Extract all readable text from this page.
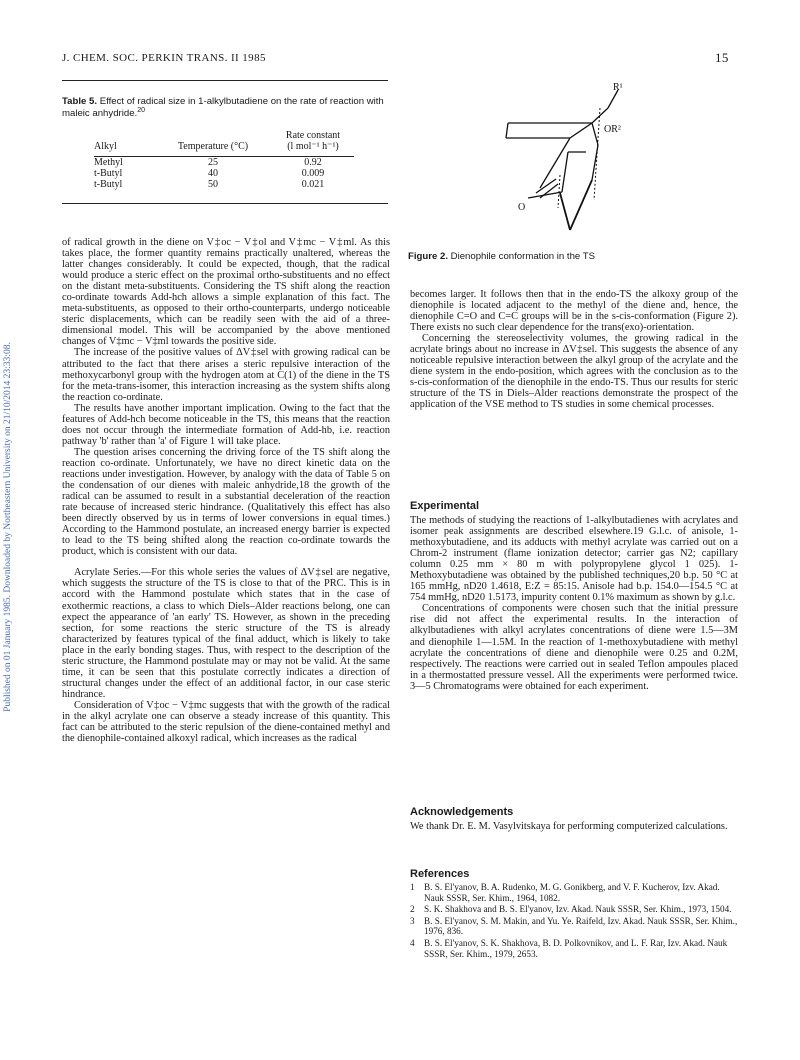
Published on 01 January 1985. Downloaded by Northeastern University on 21/10/2014 23:33:08.
J. CHEM. SOC. PERKIN TRANS. II 1985	15
Table 5. Effect of radical size in 1-alkylbutadiene on the rate of reaction with maleic anhydride.$^{20}$
		Rate constant
Alkyl	Temperature (°C)	(l mol⁻¹ h⁻¹)

Methyl	25	0.92
t-Butyl	40	0.009
t-Butyl	50	0.021
R¹
OR²
O
Figure 2. Dienophile conformation in the TS

of radical growth in the diene on V‡oc − V‡ol and V‡mc − V‡ml. As this takes place, the former quantity remains practically unaltered, whereas the latter changes considerably. It could be expected, though, that the radical would produce a steric effect on the proximal ortho-substituents and no effect on the distant meta-substituents. Considering the TS shift along the reaction co-ordinate towards Add-hch allows a simple explanation of this fact. The meta-substituents, as opposed to their ortho-counterparts, undergo noticeable steric displacements, which can be readily seen with the aid of a three-dimensional model. This will be accompanied by the above mentioned changes of V‡mc − V‡ml towards the positive side.

The increase of the positive values of ΔV‡sel with growing radical can be attributed to the fact that there arises a steric repulsive interaction of the methoxycarbonyl group with the hydrogen atom at C(1) of the diene in the TS for the meta-trans-isomer, this interaction increasing as the system shifts along the reaction co-ordinate.

The results have another important implication. Owing to the fact that the features of Add-hch become noticeable in the TS, this means that the reaction does not occur through the intermediate formation of Add-hb, i.e. reaction pathway 'b' rather than 'a' of Figure 1 will take place.

The question arises concerning the driving force of the TS shift along the reaction co-ordinate. Unfortunately, we have no direct kinetic data on the reactions under investigation. However, by analogy with the data of Table 5 on the condensation of our dienes with maleic anhydride,18 the growth of the radical can be assumed to result in a substantial deceleration of the reaction rate because of increased steric hindrance. (Qualitatively this effect has also been directly observed by us in terms of lower conversions in equal times.) According to the Hammond postulate, an increased energy barrier is expected to lead to the TS being shifted along the reaction co-ordinate towards the product, which is consistent with our data.

Acrylate Series.—For this whole series the values of ΔV‡sel are negative, which suggests the structure of the TS is close to that of the PRC. This is in accord with the Hammond postulate which states that in the case of exothermic reactions, a class to which Diels–Alder reactions belong, one can expect the appearance of 'an early' TS. However, as shown in the preceding section, for some reactions the steric structure of the TS is already characterized by features typical of the final adduct, which is likely to take place in the early bonding stages. Thus, with respect to the description of the steric structure, the Hammond postulate may or may not be valid. At the same time, it can be seen that this postulate correctly indicates a direction of structural changes under the effect of an additional factor, in our case steric hindrance.

Consideration of V‡oc − V‡mc suggests that with the growth of the radical in the alkyl acrylate one can observe a steady increase of this quantity. This fact can be attributed to the steric repulsion of the diene-contained methyl and the dienophile-contained alkoxyl radical, which increases as the radical

becomes larger. It follows then that in the endo-TS the alkoxy group of the dienophile is located adjacent to the methyl of the diene and, hence, the dienophile C=O and C=C groups will be in the s-cis-conformation (Figure 2). There exists no such clear dependence for the trans(exo)-orientation.

Concerning the stereoselectivity volumes, the growing radical in the acrylate brings about no increase in ΔV‡sel. This suggests the absence of any noticeable repulsive interaction between the alkyl group of the acrylate and the diene system in the endo-position, which agrees with the conclusion as to the s-cis-conformation of the dienophile in the endo-TS. Thus our results for steric structure of the TS in Diels–Alder reactions demonstrate the prospect of the application of the VSE method to TS studies in some chemical processes.

Experimental

The methods of studying the reactions of 1-alkylbutadienes with acrylates and isomer peak assignments are described elsewhere.19 G.l.c. of anisole, 1-methoxybutadiene, and its adducts with methyl acrylate was carried out on a Chrom-2 instrument (flame ionization detector; carrier gas N2; capillary column 0.25 mm × 80 m with polypropylene glycol 1 025). 1-Methoxybutadiene was obtained by the published techniques,20 b.p. 50 °C at 165 mmHg, nD20 1.4618, E:Z = 85:15. Anisole had b.p. 154.0—154.5 °C at 754 mmHg, nD20 1.5173, impurity content 0.1% maximum as shown by g.l.c.

Concentrations of components were chosen such that the initial pressure rise did not affect the experimental results. In the interaction of alkylbutadienes with alkyl acrylates concentrations of diene were 1.5—3M and dienophile 1—1.5M. In the reaction of 1-methoxybutadiene with methyl acrylate the concentrations of diene and dienophile were 0.25 and 0.2M, respectively. The reactions were carried out in sealed Teflon ampoules placed in a thermostatted pressure vessel. All the experiments were performed twice. 3—5 Chromatograms were obtained for each experiment.

Acknowledgements

We thank Dr. E. M. Vasylvitskaya for performing computerized calculations.

References
1 B. S. El'yanov, B. A. Rudenko, M. G. Gonikberg, and V. F. Kucherov, Izv. Akad. Nauk SSSR, Ser. Khim., 1964, 1082.
2 S. K. Shakhova and B. S. El'yanov, Izv. Akad. Nauk SSSR, Ser. Khim., 1973, 1504.
3 B. S. El'yanov, S. M. Makin, and Yu. Ye. Raifeld, Izv. Akad. Nauk SSSR, Ser. Khim., 1976, 836.
4 B. S. El'yanov, S. K. Shakhova, B. D. Polkovnikov, and L. F. Rar, Izv. Akad. Nauk SSSR, Ser. Khim., 1979, 2653.
